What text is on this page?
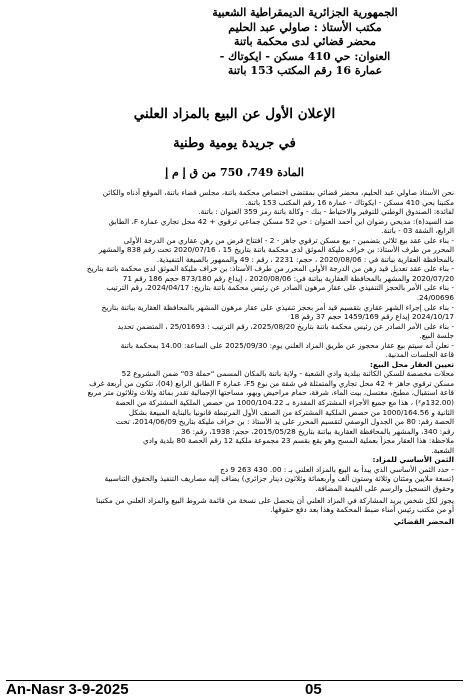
الجمهورية الجزائرية الديمقراطية الشعبية
مكتب الأستاذ : صاولي عبد الحليم
محضر قضائي لدى محكمة باتنة
العنوان: حي 410 مسكن - ايكوتاك -
عمارة 16 رقم المكتب 153 باتنة
الإعلان الأول عن البيع بالمزاد العلني
في جريدة يومية وطنية
المادة 749، 750 من ق إ م إ

نحن الأستاذ صاولي عبد الحليم، محضر قضائي بمقتضى اختصاص محكمة باتنة، مجلس قضاء باتنة، الموقع أدناه والكائن

مكتبنا بحي 410 مسكن - ايكوتاك - عمارة 16 رقم المكتب 153 باتنة.

لفائدة: الصندوق الوطني للتوفير والاحتياط - بنك - وكالة باتنة رمز 359 العنوان : باتنة.

ضد السيد(ة): مديحي رضوان ابن أحمد العنوان : حي 52 مسكن جماعي ترقوي + 42 محل تجاري عمارة F، الطابق

الرابع، الشقة 03 - باتنة.

- بناء على عقد بيع ثلاثي بتضمين - بيع مسكن ترقوي جاهز - 2 - افتتاح قرض من رهن عقاري من الدرجة الأولى

المحرر من طرف الأستاذ: بن خراف مليكة الموثق لدى محكمة باتنة بتاريخ 15 ، 2020/07/16 تحت رقم 838 والمشهر

بالمحافظة العقارية بباتنة في : 2020/08/06 ، حجم: 2231 ، رقم : 49 والممهور بالصيغة التنفيذية.

- بناء على عقد تعديل قيد رهن من الدرجة الأولى المحرر من طرف الأستاذ: بن خراف مليكة الموثق لدى محكمة باتنة بتاريخ

2020/07/20 والمشهر بالمحافظة العقارية بباتنة في: 2020/08/06 ، إيداع رقم 873/180 حجم 186 رقم 71

- بناء على الأمر بالحجز التنفيذي على عقار مرهون الصادر عن رئيس محكمة باتنة بتاريخ: 2024/04/17، رقم الترتيب

24/00696.

- بناء على إجراء الشهر عقاري بتقسيم قيد أمر بحجز تنفيذي على عقار مرهون المشهر بالمحافظة العقارية بباتنة بتاريخ

2024/10/17 إيداع رقم 1459/169 حجم 37 رقم 18

- بناء على الأمر الصادر عن رئيس محكمة باتنة بتاريخ 2025/08/20، رقم الترتيب : 25/01693 ، المتضمن تحديد

جلسة البيع.

- نعلن أنه سيتم بيع عقار محجوز عن طريق المزاد العلني يوم: 2025/09/30 على الساعة: 14.00 بمحكمة باتنة

قاعة الجلسات المدنية.

تعيين العقار محل البيع:

محلات مخصصة للسكن الكائنة ببلدية وادي الشعبة - ولاية باتنة بالمكان المسمى "حملة 03" ضمن المشروع 52

مسكن ترقوي جاهز + 42 محل تجاري والمتمثلة في شقة من نوع F5، عمارة F الطابق الرابع (04)، تتكون من أربعة غرف

قاعة استقبال، مطبخ، مغتسل، بيت الماء، شرفة، حمام مراحيض وبهو، مساحتها الإجمالية تقدر بمائة وثلاث وثلاثون متر مربع

(132.00م²) ، هذا مع جميع الأجزاء المشتركة المقدرة بـ 1000/104.22 من حصص الملكية المشتركة من الحصة

الثانية و 1000/164.56 من حصص الملكية المشتركة من الصنف الأول المرتبطة قانونيا بالبناية المبيعة بشكل

الحصة رقم: 80 من الجدول الوصفي لتقسيم المحرر على يد الأستاذ : بن خراف مليكة بتاريخ 2014/06/09، تحت

رقم: 340، والمشهر بالمحافظة العقارية بباتنة بتاريخ 2015/05/28، حجم: 1938، رقم: 36

ملاحظة: هذا العقار مجزأ بعملية المسح وهو يقع بقسم 23 مجموعة ملكية 12 رقم الحصة 80 بلدية وادي

الشعبة.

الثمن الأساسي للمزاد:

- حدد الثمن الأساسي الذي يبدأ به البيع بالمزاد العلني بـ : 00. 430 263 9 دج

(تسعة ملايين ومئتان وثلاثة وستون ألف وأربعمائة وثلاثون دينار جزائري) يضاف إليه مصاريف التنفيذ والحقوق التناسبية

وحقوق التسجيل والرسم على القيمة المضافة.

يجوز لكل شخص يريد المشاركة في المزاد العلني أن يتحصل على نسخة من قائمة شروط البيع والمزاد العلني من مكتبنا

أو من مكتب رئيس أمناء ضبط المحكمة وهذا بعد دفع حقوقها.

المحضر القضائي

An-Nasr 3-9-2025	05
